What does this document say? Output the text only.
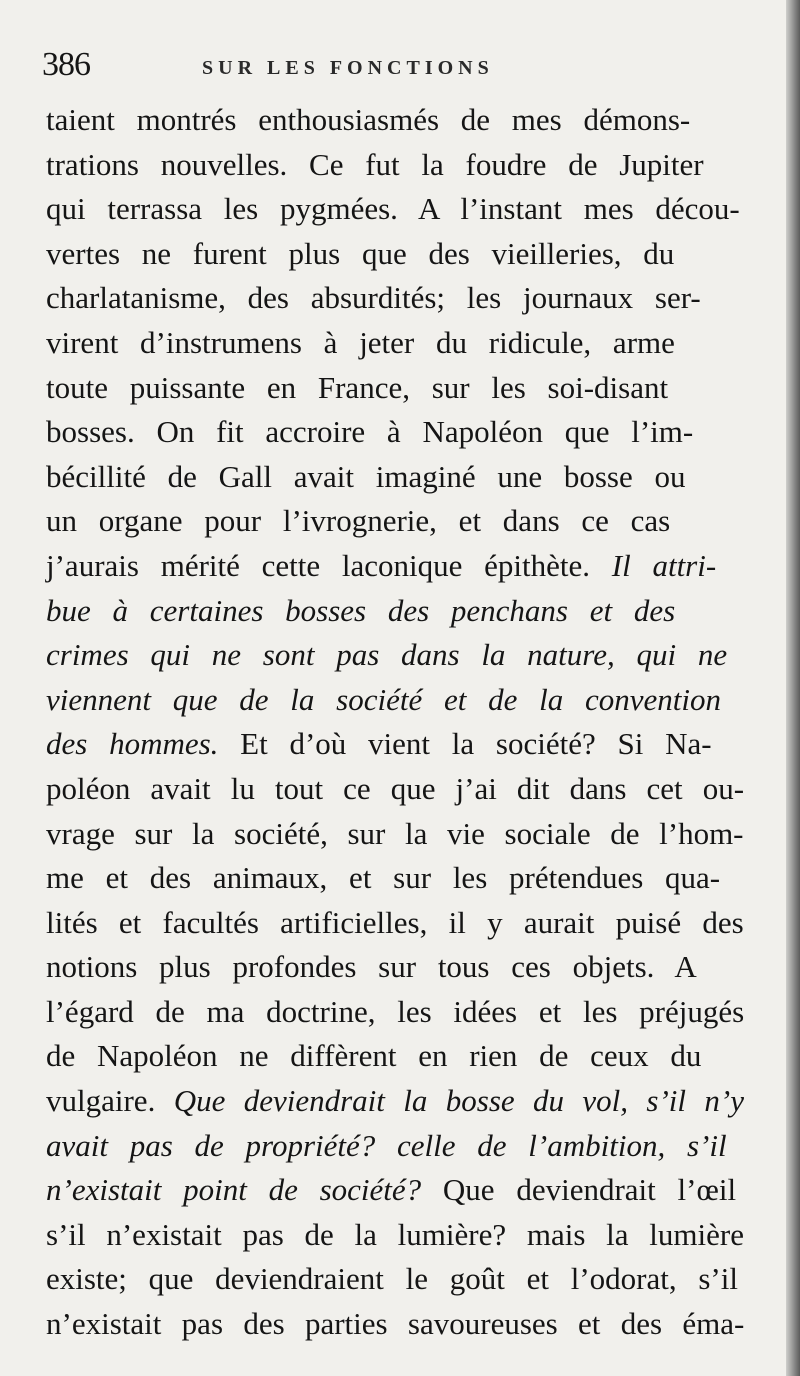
386	SUR LES FONCTIONS
taient montrés enthousiasmés de mes démons-
trations nouvelles. Ce fut la foudre de Jupiter
qui terrassa les pygmées. A l’instant mes décou-
vertes ne furent plus que des vieilleries, du
charlatanisme, des absurdités; les journaux ser-
virent d’instrumens à jeter du ridicule, arme
toute puissante en France, sur les soi-disant
bosses. On fit accroire à Napoléon que l’im-
bécillité de Gall avait imaginé une bosse ou
un organe pour l’ivrognerie, et dans ce cas
j’aurais mérité cette laconique épithète. Il attri-
bue à certaines bosses des penchans et des
crimes qui ne sont pas dans la nature, qui ne
viennent que de la société et de la convention
des hommes. Et d’où vient la société? Si Na-
poléon avait lu tout ce que j’ai dit dans cet ou-
vrage sur la société, sur la vie sociale de l’hom-
me et des animaux, et sur les prétendues qua-
lités et facultés artificielles, il y aurait puisé des
notions plus profondes sur tous ces objets. A
l’égard de ma doctrine, les idées et les préjugés
de Napoléon ne diffèrent en rien de ceux du
vulgaire. Que deviendrait la bosse du vol, s’il n’y
avait pas de propriété? celle de l’ambition, s’il
n’existait point de société? Que deviendrait l’œil
s’il n’existait pas de la lumière? mais la lumière
existe; que deviendraient le goût et l’odorat, s’il
n’existait pas des parties savoureuses et des éma-
